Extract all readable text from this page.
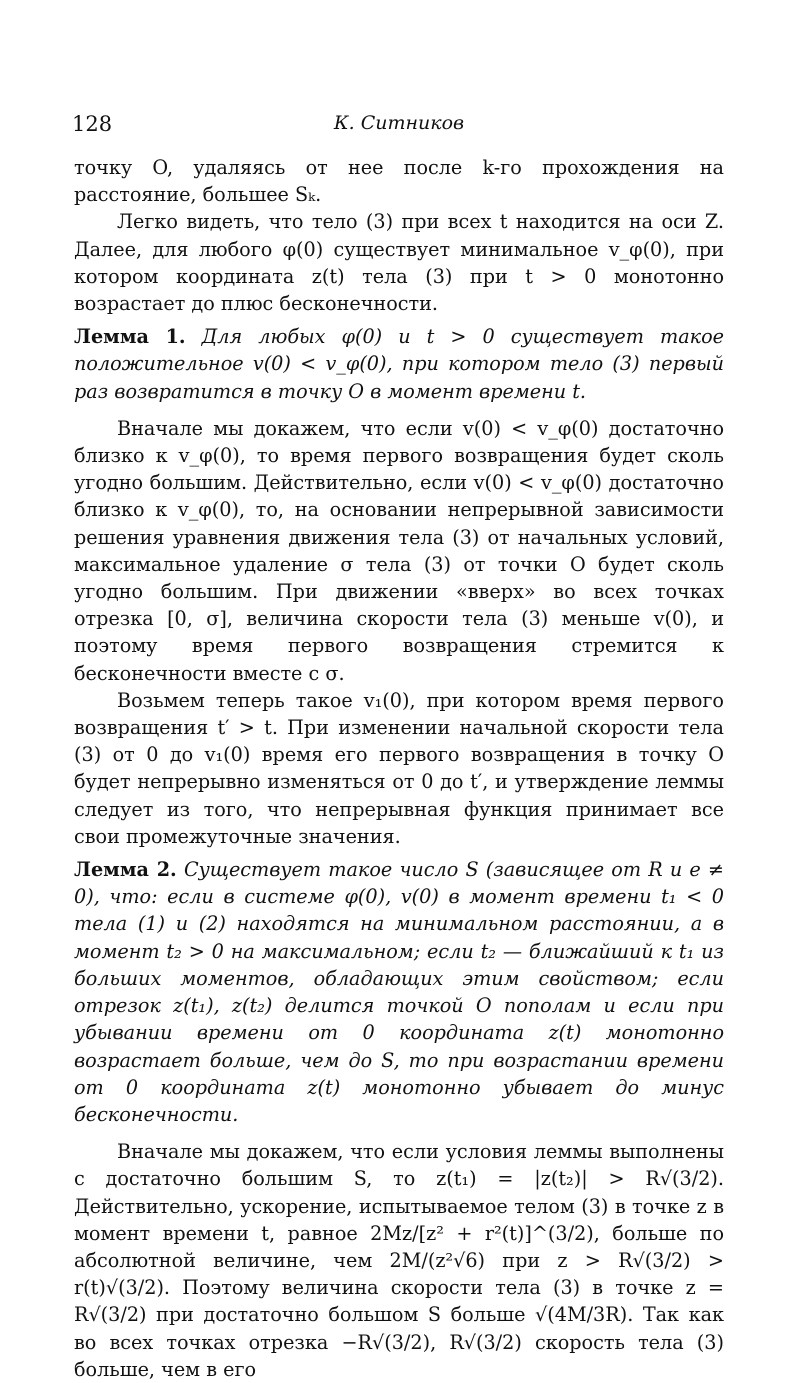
128	К. Ситников

точку O, удаляясь от нее после k-го прохождения на расстояние, большее Sₖ.

Легко видеть, что тело (3) при всех t находится на оси Z. Далее, для любого φ(0) существует минимальное v_φ(0), при котором координата z(t) тела (3) при t > 0 монотонно возрастает до плюс бесконечности.

Лемма 1. Для любых φ(0) и t > 0 существует такое положительное v(0) < v_φ(0), при котором тело (3) первый раз возвратится в точку O в момент времени t.

Вначале мы докажем, что если v(0) < v_φ(0) достаточно близко к v_φ(0), то время первого возвращения будет сколь угодно большим. Действительно, если v(0) < v_φ(0) достаточно близко к v_φ(0), то, на основании непрерывной зависимости решения уравнения движения тела (3) от начальных условий, максимальное удаление σ тела (3) от точки O будет сколь угодно большим. При движении «вверх» во всех точках отрезка [0, σ], величина скорости тела (3) меньше v(0), и поэтому время первого возвращения стремится к бесконечности вместе с σ.

Возьмем теперь такое v₁(0), при котором время первого возвращения t′ > t. При изменении начальной скорости тела (3) от 0 до v₁(0) время его первого возвращения в точку O будет непрерывно изменяться от 0 до t′, и утверждение леммы следует из того, что непрерывная функция принимает все свои промежуточные значения.

Лемма 2. Существует такое число S (зависящее от R и e ≠ 0), что: если в системе φ(0), v(0) в момент времени t₁ < 0 тела (1) и (2) находятся на минимальном расстоянии, а в момент t₂ > 0 на максимальном; если t₂ — ближайший к t₁ из больших моментов, обладающих этим свойством; если отрезок z(t₁), z(t₂) делится точкой O пополам и если при убывании времени от 0 координата z(t) монотонно возрастает больше, чем до S, то при возрастании времени от 0 координата z(t) монотонно убывает до минус бесконечности.

Вначале мы докажем, что если условия леммы выполнены с достаточно большим S, то z(t₁) = |z(t₂)| > R√(3/2). Действительно, ускорение, испытываемое телом (3) в точке z в момент времени t, равное 2Mz/[z² + r²(t)]^(3/2), больше по абсолютной величине, чем 2M/(z²√6) при z > R√(3/2) > r(t)√(3/2). Поэтому величина скорости тела (3) в точке z = R√(3/2) при достаточно большом S больше √(4M/3R). Так как во всех точках отрезка −R√(3/2), R√(3/2) скорость тела (3) больше, чем в его
